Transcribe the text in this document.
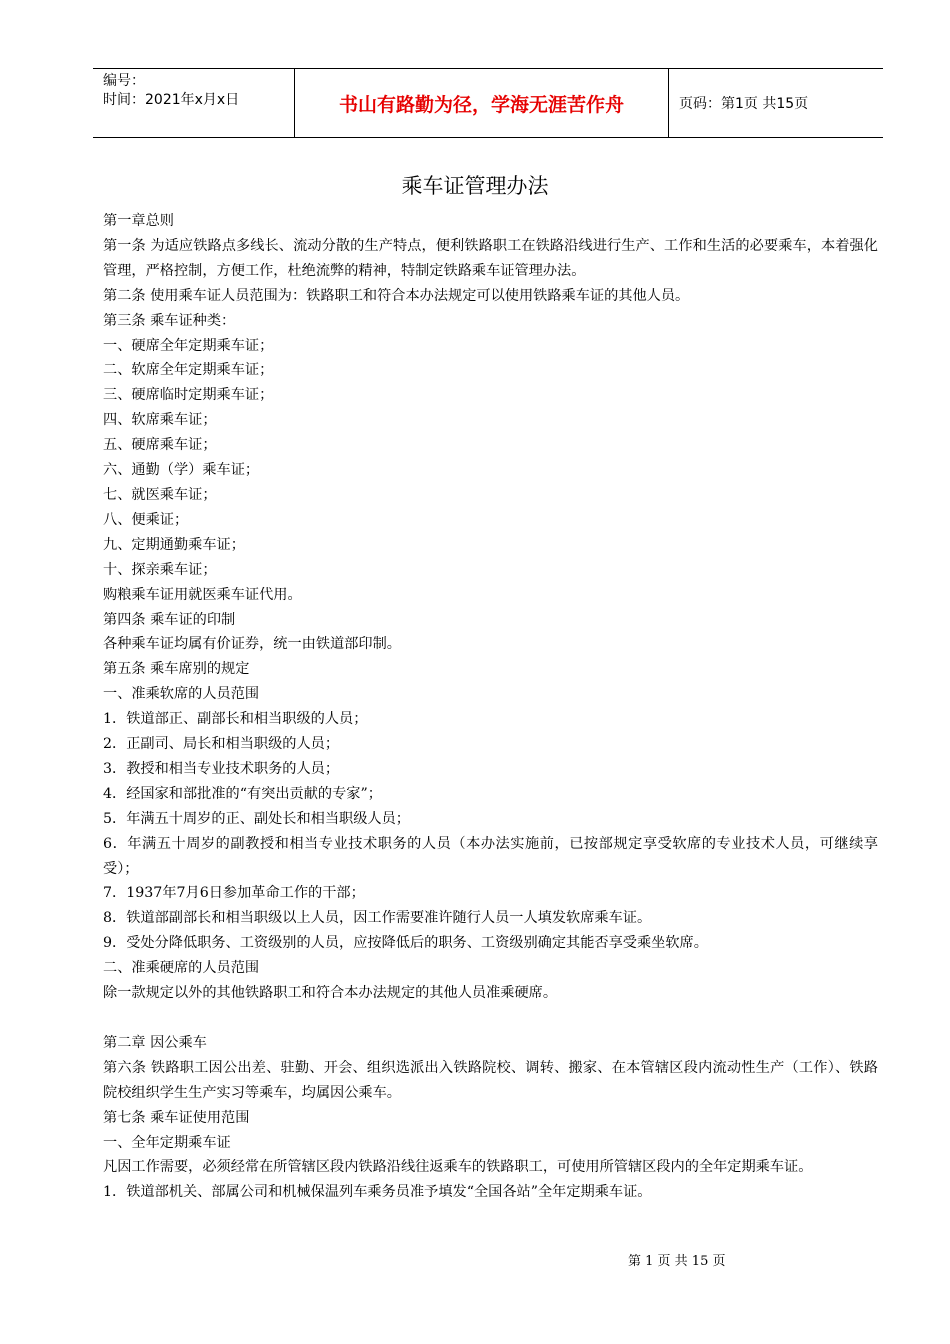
编号：
时间：2021年x月x日	书山有路勤为径，学海无涯苦作舟	页码：第1页 共15页
乘车证管理办法

第一章总则

第一条 为适应铁路点多线长、流动分散的生产特点，便利铁路职工在铁路沿线进行生产、工作和生活的必要乘车，本着强化管理，严格控制，方便工作，杜绝流弊的精神，特制定铁路乘车证管理办法。

第二条 使用乘车证人员范围为：铁路职工和符合本办法规定可以使用铁路乘车证的其他人员。

第三条 乘车证种类：

一、硬席全年定期乘车证；

二、软席全年定期乘车证；

三、硬席临时定期乘车证；

四、软席乘车证；

五、硬席乘车证；

六、通勤（学）乘车证；

七、就医乘车证；

八、便乘证；

九、定期通勤乘车证；

十、探亲乘车证；

购粮乘车证用就医乘车证代用。

第四条 乘车证的印制

各种乘车证均属有价证券，统一由铁道部印制。

第五条 乘车席别的规定

一、准乘软席的人员范围

1．铁道部正、副部长和相当职级的人员；

2．正副司、局长和相当职级的人员；

3．教授和相当专业技术职务的人员；

4．经国家和部批准的“有突出贡献的专家”；

5．年满五十周岁的正、副处长和相当职级人员；

6．年满五十周岁的副教授和相当专业技术职务的人员（本办法实施前，已按部规定享受软席的专业技术人员，可继续享受）；

7．1937年7月6日参加革命工作的干部；

8．铁道部副部长和相当职级以上人员，因工作需要准许随行人员一人填发软席乘车证。

9．受处分降低职务、工资级别的人员，应按降低后的职务、工资级别确定其能否享受乘坐软席。

二、准乘硬席的人员范围

除一款规定以外的其他铁路职工和符合本办法规定的其他人员准乘硬席。

第二章 因公乘车

第六条 铁路职工因公出差、驻勤、开会、组织选派出入铁路院校、调转、搬家、在本管辖区段内流动性生产（工作）、铁路院校组织学生生产实习等乘车，均属因公乘车。

第七条 乘车证使用范围

一、全年定期乘车证

凡因工作需要，必须经常在所管辖区段内铁路沿线往返乘车的铁路职工，可使用所管辖区段内的全年定期乘车证。

1．铁道部机关、部属公司和机械保温列车乘务员准予填发“全国各站”全年定期乘车证。

第 1 页 共 15 页
